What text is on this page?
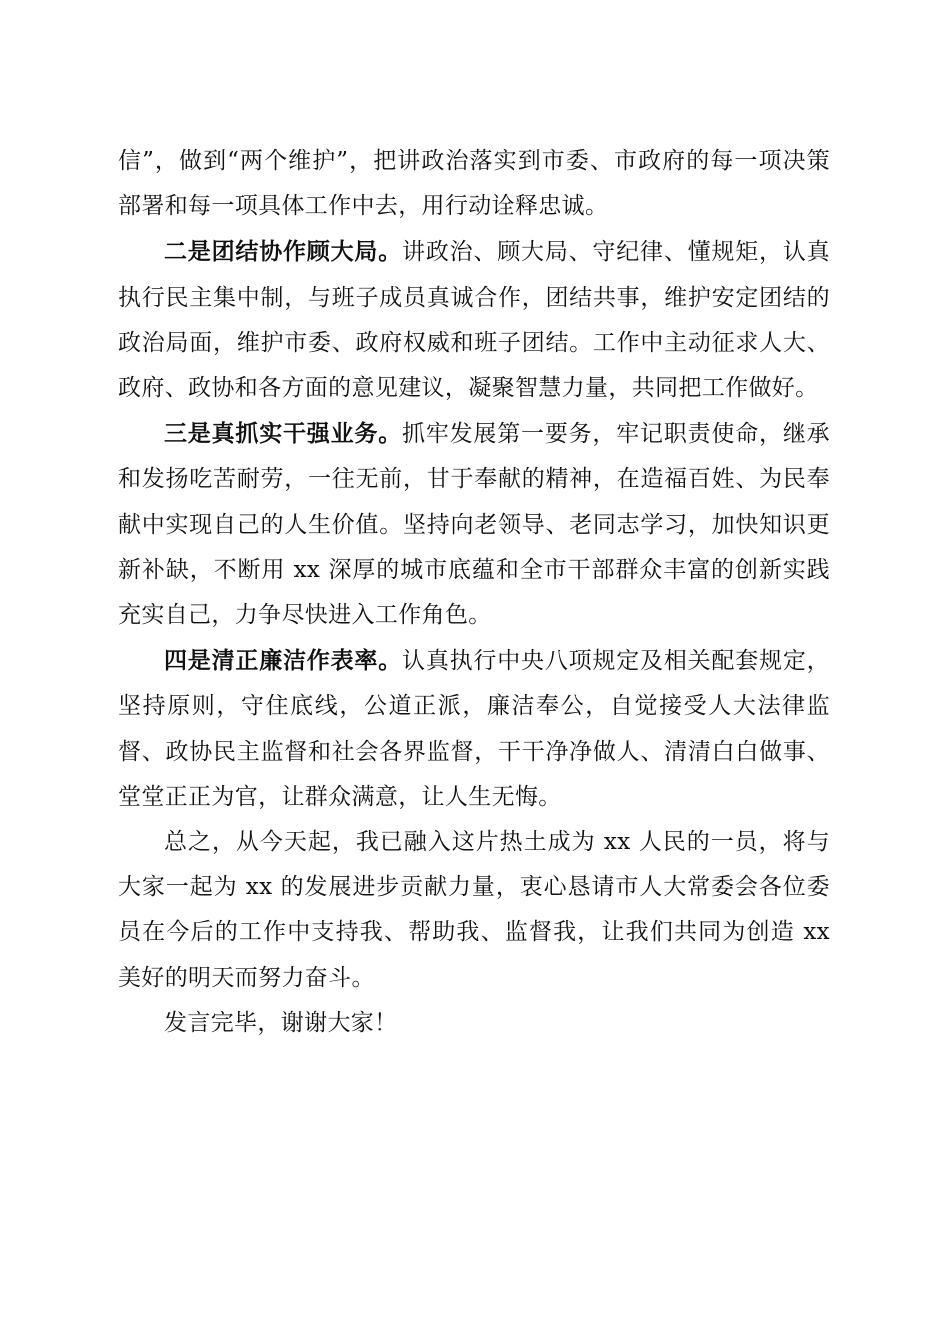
信”，做到“两个维护”，把讲政治落实到市委、市政府的每一项决策部署和每一项具体工作中去，用行动诠释忠诚。

二是团结协作顾大局。讲政治、顾大局、守纪律、懂规矩，认真执行民主集中制，与班子成员真诚合作，团结共事，维护安定团结的政治局面，维护市委、政府权威和班子团结。工作中主动征求人大、政府、政协和各方面的意见建议，凝聚智慧力量，共同把工作做好。

三是真抓实干强业务。抓牢发展第一要务，牢记职责使命，继承和发扬吃苦耐劳，一往无前，甘于奉献的精神，在造福百姓、为民奉献中实现自己的人生价值。坚持向老领导、老同志学习，加快知识更新补缺，不断用 xx 深厚的城市底蕴和全市干部群众丰富的创新实践充实自己，力争尽快进入工作角色。

四是清正廉洁作表率。认真执行中央八项规定及相关配套规定，坚持原则，守住底线，公道正派，廉洁奉公，自觉接受人大法律监督、政协民主监督和社会各界监督，干干净净做人、清清白白做事、堂堂正正为官，让群众满意，让人生无悔。

总之，从今天起，我已融入这片热土成为 xx 人民的一员，将与大家一起为 xx 的发展进步贡献力量，衷心恳请市人大常委会各位委员在今后的工作中支持我、帮助我、监督我，让我们共同为创造 xx 美好的明天而努力奋斗。

发言完毕，谢谢大家！
